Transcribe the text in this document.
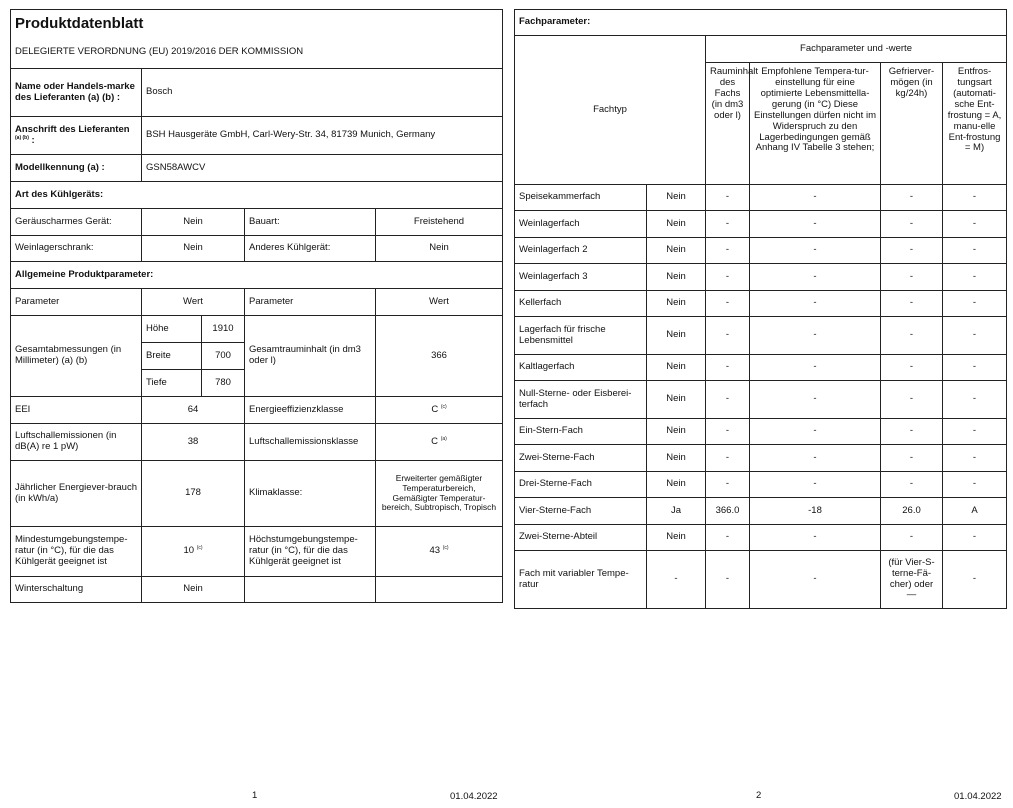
Produktdatenblatt				
DELEGIERTE VERORDNUNG (EU) 2019/2016 DER KOMMISSION				
Name oder Handels-marke des Lieferanten (a) (b) :	Bosch			
Anschrift des Lieferanten
$^{(a) (b)}$ :	BSH Hausgeräte GmbH, Carl-Wery-Str. 34, 81739 Munich, Germany			
Modellkennung (a) :	GSN58AWCV			
Art des Kühlgeräts:				
Geräuscharmes Gerät:	Nein		Bauart:	Freistehend
Weinlagerschrank:	Nein		Anderes Kühlgerät:	Nein
Allgemeine Produktparameter:				
Parameter	Wert		Parameter	Wert
Gesamtabmessungen (in Millimeter) (a) (b)	Höhe	1910	Gesamtrauminhalt (in dm3 oder l)	366
	Breite	700		
	Tiefe	780		
EEI	64		Energieeffizienzklasse	C $^{(c)}$
Luftschallemissionen (in dB(A) re 1 pW)	38		Luftschallemissionsklasse	C $^{(a)}$
Jährlicher Energiever-brauch (in kWh/a)	178		Klimaklasse:	Erweiterter gemäßigter Temperaturbereich, Gemäßigter Temperatur-bereich, Subtropisch, Tropisch
Mindestumgebungstempe-ratur (in °C), für die das Kühlgerät geeignet ist	10 $^{(c)}$		Höchstumgebungstempe-ratur (in °C), für die das Kühlgerät geeignet ist	43 $^{(c)}$
Winterschaltung	Nein			
Fachparameter:					
Fachtyp		Fachparameter und -werte			
		Rauminhalt des Fachs (in dm3 oder l)	Empfohlene Tempera-tur-einstellung für eine optimierte Lebensmittella-gerung (in °C) Diese Einstellungen dürfen nicht im Widerspruch zu den Lagerbedingungen gemäß Anhang IV Tabelle 3 stehen;	Gefrierver-mögen (in kg/24h)	Entfros-tungsart (automati-sche Ent-frostung = A, manu-elle Ent-frostung = M)
Speisekammerfach	Nein	-	-	-	-
Weinlagerfach	Nein	-	-	-	-
Weinlagerfach 2	Nein	-	-	-	-
Weinlagerfach 3	Nein	-	-	-	-
Kellerfach	Nein	-	-	-	-
Lagerfach für frische Lebensmittel	Nein	-	-	-	-
Kaltlagerfach	Nein	-	-	-	-
Null-Sterne- oder Eisberei-terfach	Nein	-	-	-	-
Ein-Stern-Fach	Nein	-	-	-	-
Zwei-Sterne-Fach	Nein	-	-	-	-
Drei-Sterne-Fach	Nein	-	-	-	-
Vier-Sterne-Fach	Ja	366.0	-18	26.0	A
Zwei-Sterne-Abteil	Nein	-	-	-	-
Fach mit variabler Tempe-ratur	-	-	-	(für Vier-S-terne-Fä-cher) oder —	-
1	01.04.2022	2	01.04.2022
